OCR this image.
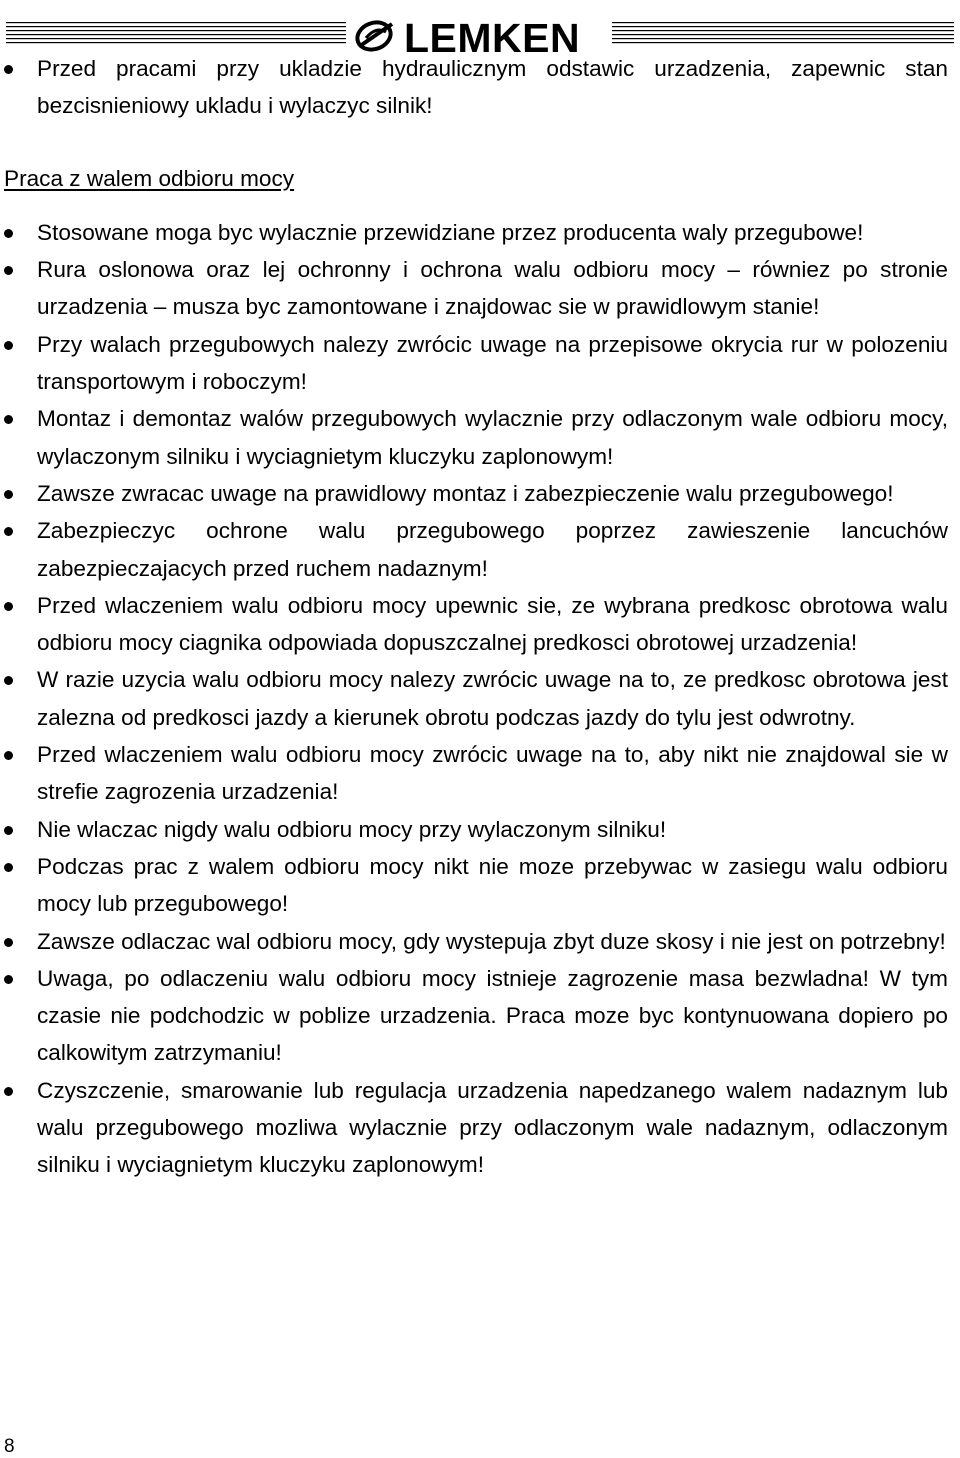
LEMKEN
Przed pracami przy ukladzie hydraulicznym odstawic urzadzenia, zapewnic stan bezcisnieniowy ukladu i wylaczyc silnik!
Praca z walem odbioru mocy
Stosowane moga byc wylacznie przewidziane przez producenta waly przegubowe!
Rura oslonowa oraz lej ochronny i ochrona walu odbioru mocy – równiez po stronie urzadzenia – musza byc zamontowane i znajdowac sie w prawidlowym stanie!
Przy walach przegubowych nalezy zwrócic uwage na przepisowe okrycia rur w polozeniu transportowym i roboczym!
Montaz i demontaz walów przegubowych wylacznie przy odlaczonym wale odbioru mocy, wylaczonym silniku i wyciagnietym kluczyku zaplonowym!
Zawsze zwracac uwage na prawidlowy montaz i zabezpieczenie walu przegubowego!
Zabezpieczyc ochrone walu przegubowego poprzez zawieszenie lancuchów zabezpieczajacych przed ruchem nadaznym!
Przed wlaczeniem walu odbioru mocy upewnic sie, ze wybrana predkosc obrotowa walu odbioru mocy ciagnika odpowiada dopuszczalnej predkosci obrotowej urzadzenia!
W razie uzycia walu odbioru mocy nalezy zwrócic uwage na to, ze predkosc obrotowa jest zalezna od predkosci jazdy a kierunek obrotu podczas jazdy do tylu jest odwrotny.
Przed wlaczeniem walu odbioru mocy zwrócic uwage na to, aby nikt nie znajdowal sie w strefie zagrozenia urzadzenia!
Nie wlaczac nigdy walu odbioru mocy przy wylaczonym silniku!
Podczas prac z walem odbioru mocy nikt nie moze przebywac w zasiegu walu odbioru mocy lub przegubowego!
Zawsze odlaczac wal odbioru mocy, gdy wystepuja zbyt duze skosy i nie jest on potrzebny!
Uwaga, po odlaczeniu walu odbioru mocy istnieje zagrozenie masa bezwladna! W tym czasie nie podchodzic w poblize urzadzenia. Praca moze byc kontynuowana dopiero po calkowitym zatrzymaniu!
Czyszczenie, smarowanie lub regulacja urzadzenia napedzanego walem nadaznym lub walu przegubowego mozliwa wylacznie przy odlaczonym wale nadaznym, odlaczonym silniku i wyciagnietym kluczyku zaplonowym!
8
